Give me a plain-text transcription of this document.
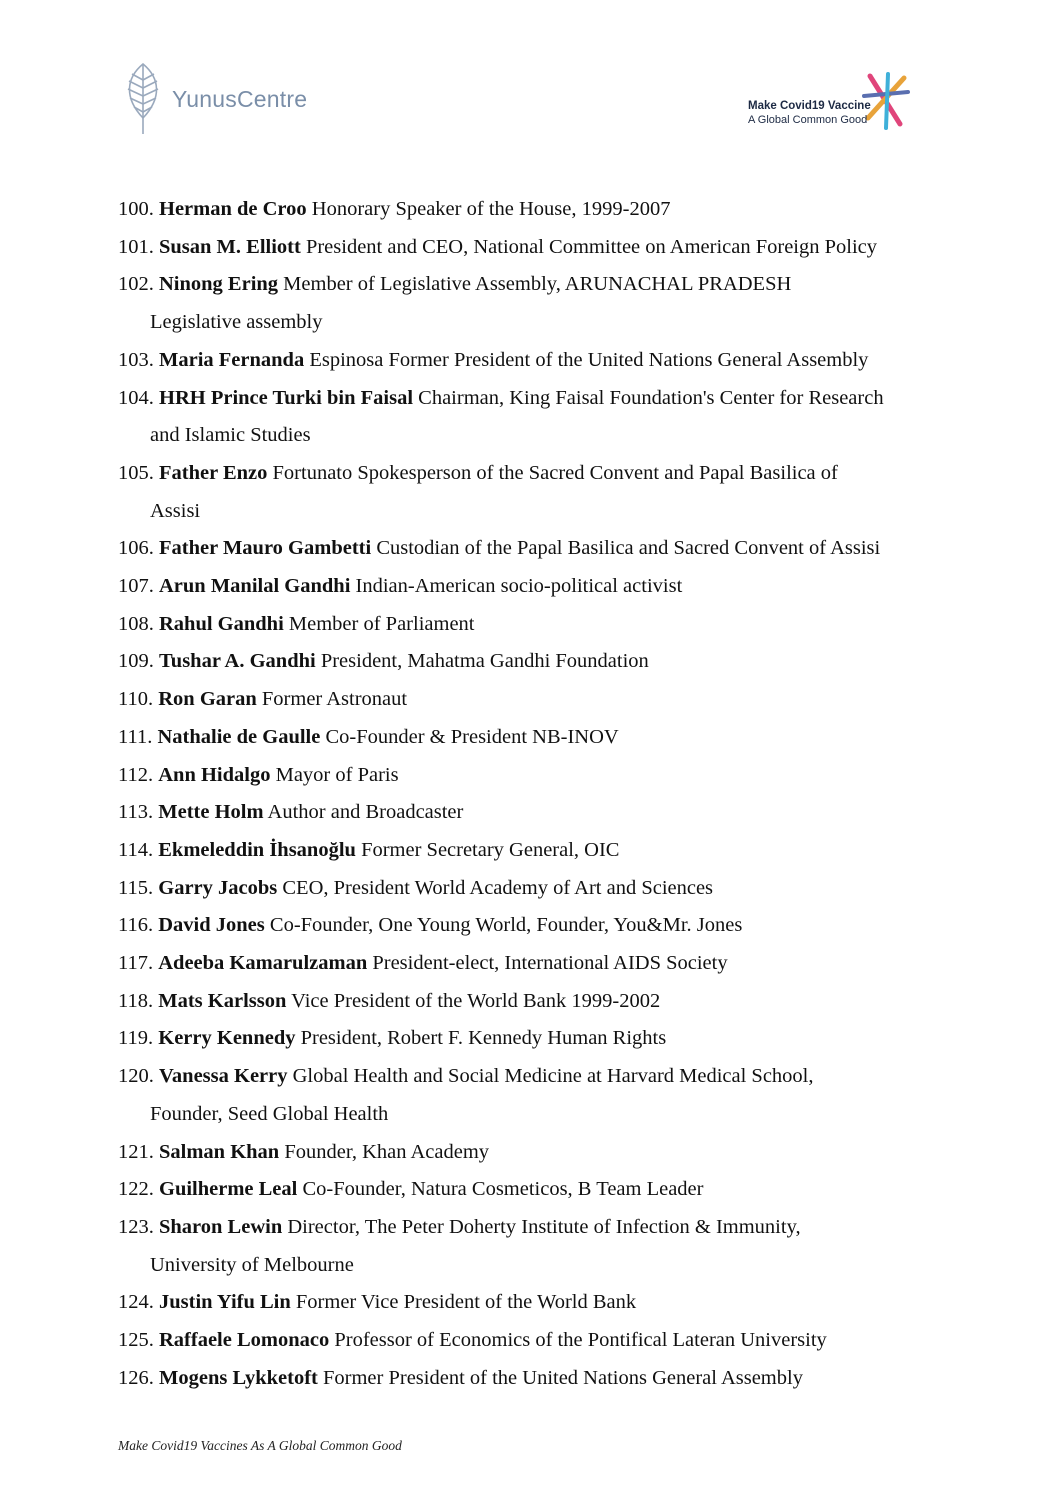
YunusCentre	Make Covid19 Vaccine
A Global Common Good
100. Herman de Croo Honorary Speaker of the House, 1999-2007
101. Susan M. Elliott President and CEO, National Committee on American Foreign Policy
102. Ninong Ering Member of Legislative Assembly, ARUNACHAL PRADESH
Legislative assembly
103. Maria Fernanda Espinosa Former President of the United Nations General Assembly
104. HRH Prince Turki bin Faisal Chairman, King Faisal Foundation's Center for Research
and Islamic Studies
105. Father Enzo Fortunato Spokesperson of the Sacred Convent and Papal Basilica of
Assisi
106. Father Mauro Gambetti Custodian of the Papal Basilica and Sacred Convent of Assisi
107. Arun Manilal Gandhi Indian-American socio-political activist
108. Rahul Gandhi Member of Parliament
109. Tushar A. Gandhi President, Mahatma Gandhi Foundation
110. Ron Garan Former Astronaut
111. Nathalie de Gaulle Co-Founder & President NB-INOV
112. Ann Hidalgo Mayor of Paris
113. Mette Holm Author and Broadcaster
114. Ekmeleddin İhsanoğlu Former Secretary General, OIC
115. Garry Jacobs CEO, President World Academy of Art and Sciences
116. David Jones Co-Founder, One Young World, Founder, You&Mr. Jones
117. Adeeba Kamarulzaman President-elect, International AIDS Society
118. Mats Karlsson Vice President of the World Bank 1999-2002
119. Kerry Kennedy President, Robert F. Kennedy Human Rights
120. Vanessa Kerry Global Health and Social Medicine at Harvard Medical School,
Founder, Seed Global Health
121. Salman Khan Founder, Khan Academy
122. Guilherme Leal Co-Founder, Natura Cosmeticos, B Team Leader
123. Sharon Lewin Director, The Peter Doherty Institute of Infection & Immunity,
University of Melbourne
124. Justin Yifu Lin Former Vice President of the World Bank
125. Raffaele Lomonaco Professor of Economics of the Pontifical Lateran University
126. Mogens Lykketoft Former President of the United Nations General Assembly
Make Covid19 Vaccines As A Global Common Good
